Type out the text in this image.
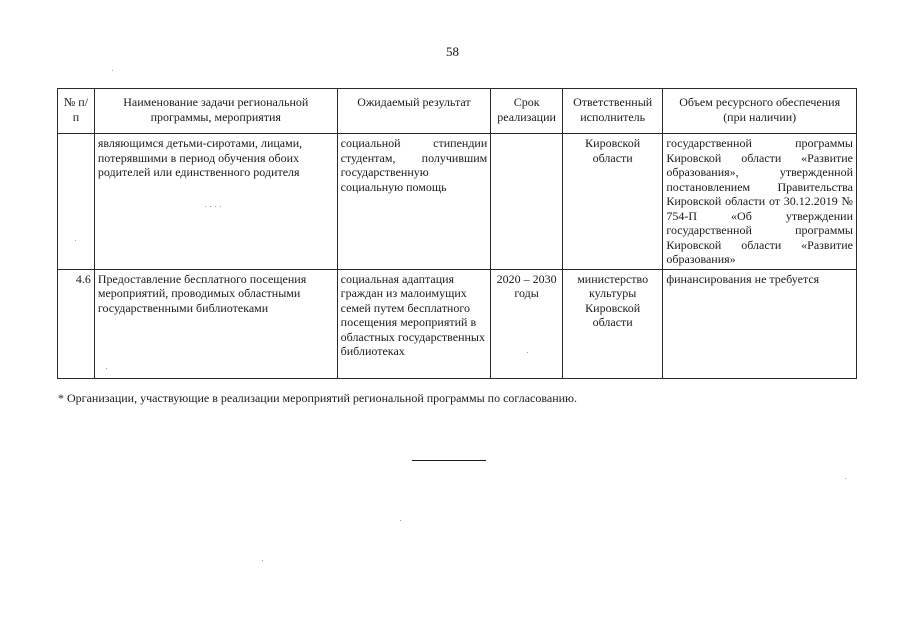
58
№ п/п	Наименование задачи региональной программы, мероприятия	Ожидаемый результат	Срок реализации	Ответственный исполнитель	Объем ресурсного обеспечения (при наличии)
	являющимся детьми-сиротами, лицами, потерявшими в период обучения обоих родителей или единственного родителя	социальной стипендии студентам, получившим государственную социальную помощь		Кировской области	государственной программы Кировской области «Развитие образования», утвержденной постановлением Правительства Кировской области от 30.12.2019 № 754-П «Об утверждении государственной программы Кировской области «Развитие образования»
4.6	Предоставление бесплатного посещения мероприятий, проводимых областными государственными библиотеками	социальная адаптация граждан из малоимущих семей путем бесплатного посещения мероприятий в областных государственных библиотеках	2020 – 2030 годы	министерство культуры Кировской области	финансирования не требуется
* Организации, участвующие в реализации мероприятий региональной программы по согласованию.
